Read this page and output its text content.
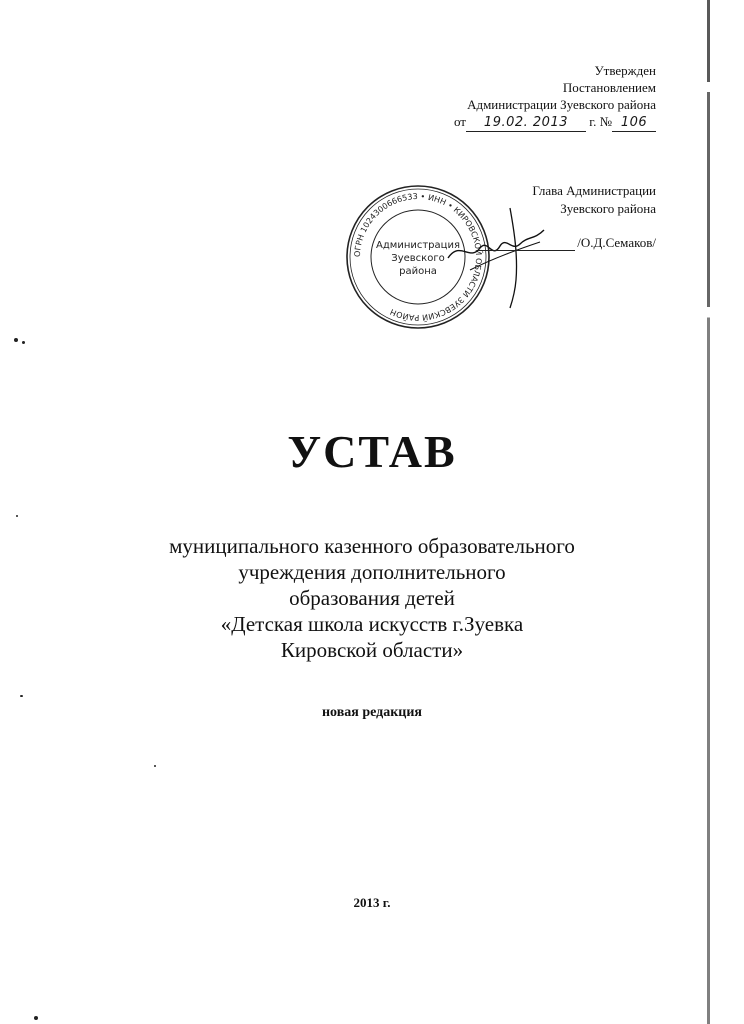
Утвержден
Постановлением
Администрации Зуевского района
от 19.02. 2013 г. № 106
ОГРН 1024300666533 • ИНН • КИРОВСКОЙ ОБЛАСТИ ЗУЕВСКИЙ РАЙОН
Администрация
Зуевского
района
Глава Администрации
Зуевского района
/О.Д.Семаков/
УСТАВ
муниципального казенного образовательного
учреждения дополнительного
образования детей
«Детская школа искусств г.Зуевка
Кировской области»
новая редакция
2013 г.
